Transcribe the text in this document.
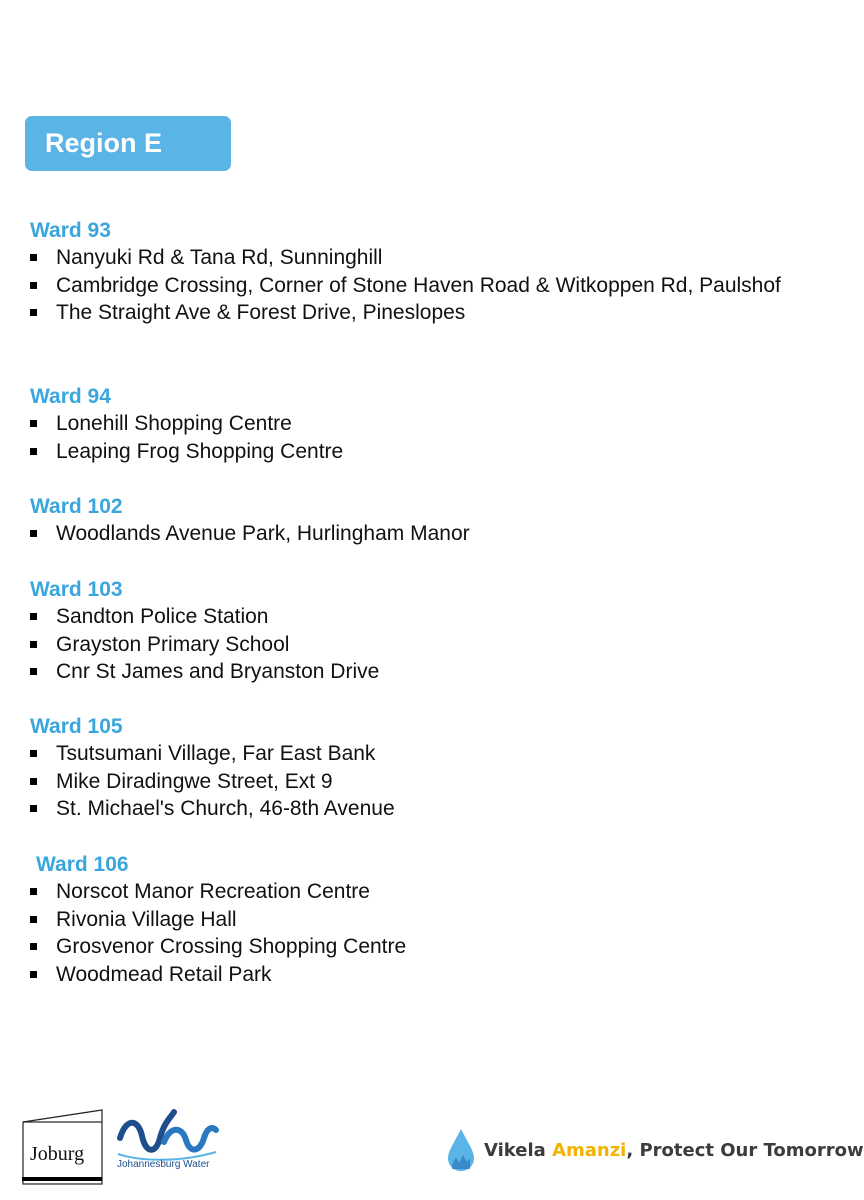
Region E
Ward 93
Nanyuki Rd & Tana Rd, Sunninghill
Cambridge Crossing, Corner of Stone Haven Road & Witkoppen Rd, Paulshof
The Straight Ave & Forest Drive, Pineslopes
Ward 94
Lonehill Shopping Centre
Leaping Frog Shopping Centre
Ward 102
Woodlands Avenue Park, Hurlingham Manor
Ward 103
Sandton Police Station
Grayston Primary School
Cnr St James and Bryanston Drive
Ward 105
Tsutsumani Village, Far East Bank
Mike Diradingwe Street, Ext 9
St. Michael's Church, 46-8th Avenue
Ward 106
Norscot Manor Recreation Centre
Rivonia Village Hall
Grosvenor Crossing Shopping Centre
Woodmead Retail Park
Joburg	Johannesburg Water
Vikela Amanzi, Protect Our Tomorrow
